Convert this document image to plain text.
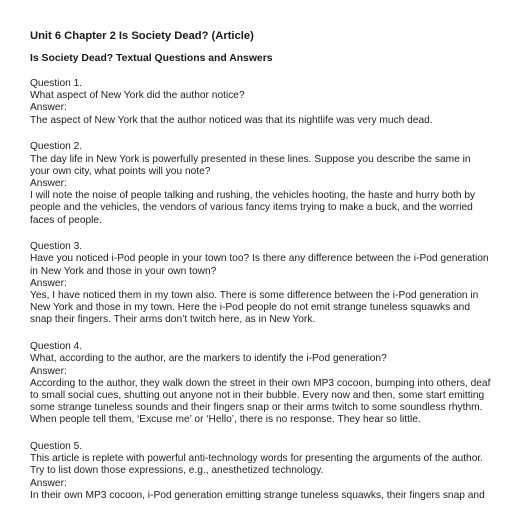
Unit 6 Chapter 2 Is Society Dead? (Article)
Is Society Dead? Textual Questions and Answers

Question 1.

What aspect of New York did the author notice?

Answer:

The aspect of New York that the author noticed was that its nightlife was very much dead.

Question 2.

The day life in New York is powerfully presented in these lines. Suppose you describe the same in your own city, what points will you note?

Answer:

I will note the noise of people talking and rushing, the vehicles hooting, the haste and hurry both by people and the vehicles, the vendors of various fancy items trying to make a buck, and the worried faces of people.

Question 3.

Have you noticed i-Pod people in your town too? Is there any difference between the i-Pod generation in New York and those in your own town?

Answer:

Yes, I have noticed them in my town also. There is some difference between the i-Pod generation in New York and those in my town. Here the i-Pod people do not emit strange tuneless squawks and snap their fingers. Their arms don’t twitch here, as in New York.

Question 4.

What, according to the author, are the markers to identify the i-Pod generation?

Answer:

According to the author, they walk down the street in their own MP3 cocoon, bumping into others, deaf to small social cues, shutting out anyone not in their bubble. Every now and then, some start emitting some strange tuneless sounds and their fingers snap or their arms twitch to some soundless rhythm. When people tell them, ‘Excuse me’ or ‘Hello’, there is no response. They hear so little.

Question 5.

This article is replete with powerful anti-technology words for presenting the arguments of the author. Try to list down those expressions, e.g., anesthetized technology.

Answer:

In their own MP3 cocoon, i-Pod generation emitting strange tuneless squawks, their fingers snap and
